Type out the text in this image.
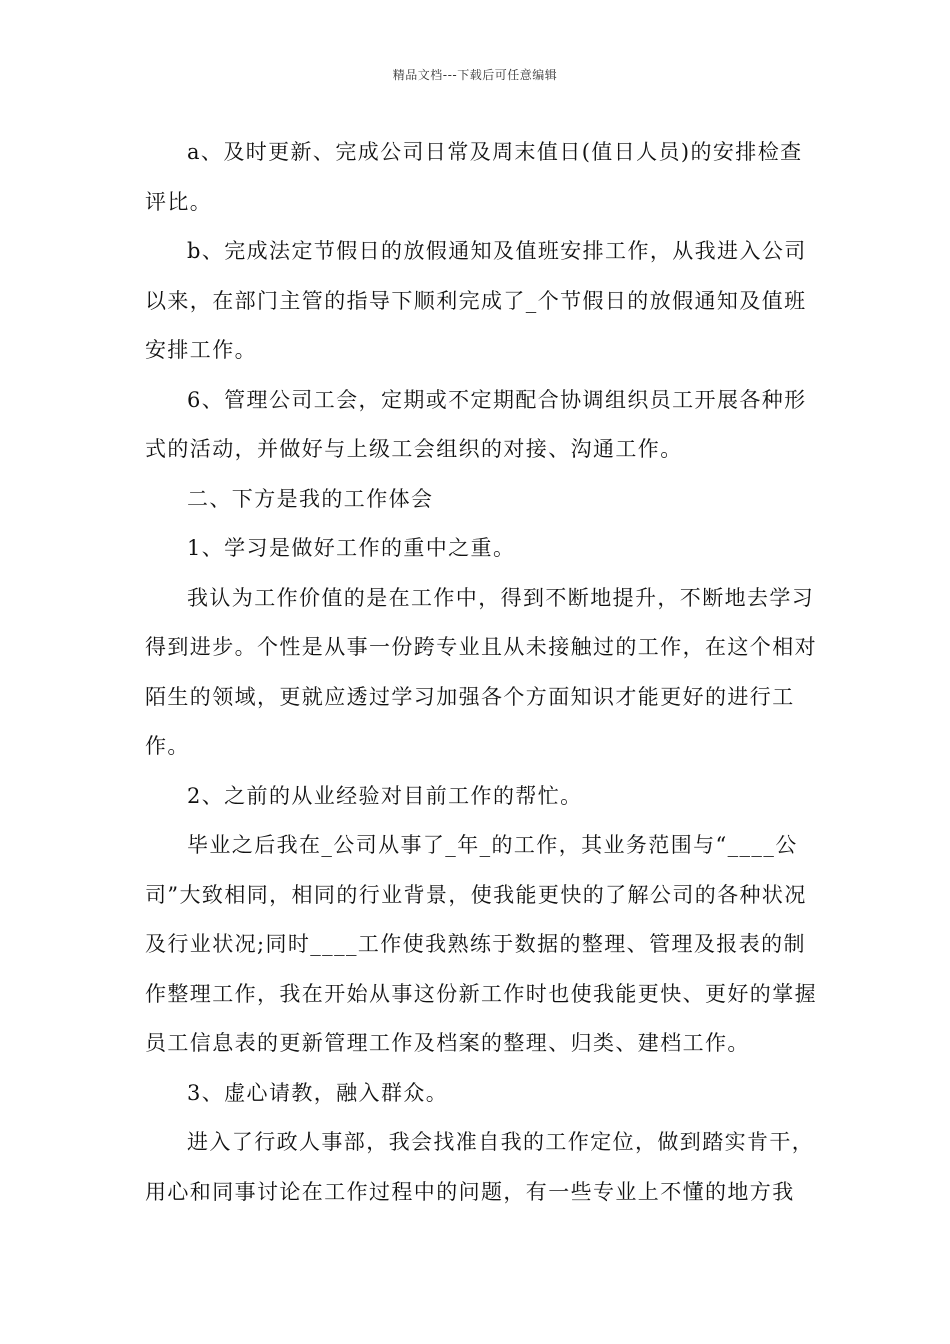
精品文档---下载后可任意编辑

a、及时更新、完成公司日常及周末值日(值日人员)的安排检查评比。

b、完成法定节假日的放假通知及值班安排工作，从我进入公司以来，在部门主管的指导下顺利完成了_个节假日的放假通知及值班安排工作。

6、管理公司工会，定期或不定期配合协调组织员工开展各种形式的活动，并做好与上级工会组织的对接、沟通工作。

二、下方是我的工作体会

1、学习是做好工作的重中之重。

我认为工作价值的是在工作中，得到不断地提升，不断地去学习得到进步。个性是从事一份跨专业且从未接触过的工作，在这个相对陌生的领域，更就应透过学习加强各个方面知识才能更好的进行工作。

2、之前的从业经验对目前工作的帮忙。

毕业之后我在_公司从事了_年_的工作，其业务范围与“____公司”大致相同，相同的行业背景，使我能更快的了解公司的各种状况及行业状况;同时____工作使我熟练于数据的整理、管理及报表的制作整理工作，我在开始从事这份新工作时也使我能更快、更好的掌握员工信息表的更新管理工作及档案的整理、归类、建档工作。

3、虚心请教，融入群众。

进入了行政人事部，我会找准自我的工作定位，做到踏实肯干，用心和同事讨论在工作过程中的问题，有一些专业上不懂的地方我
